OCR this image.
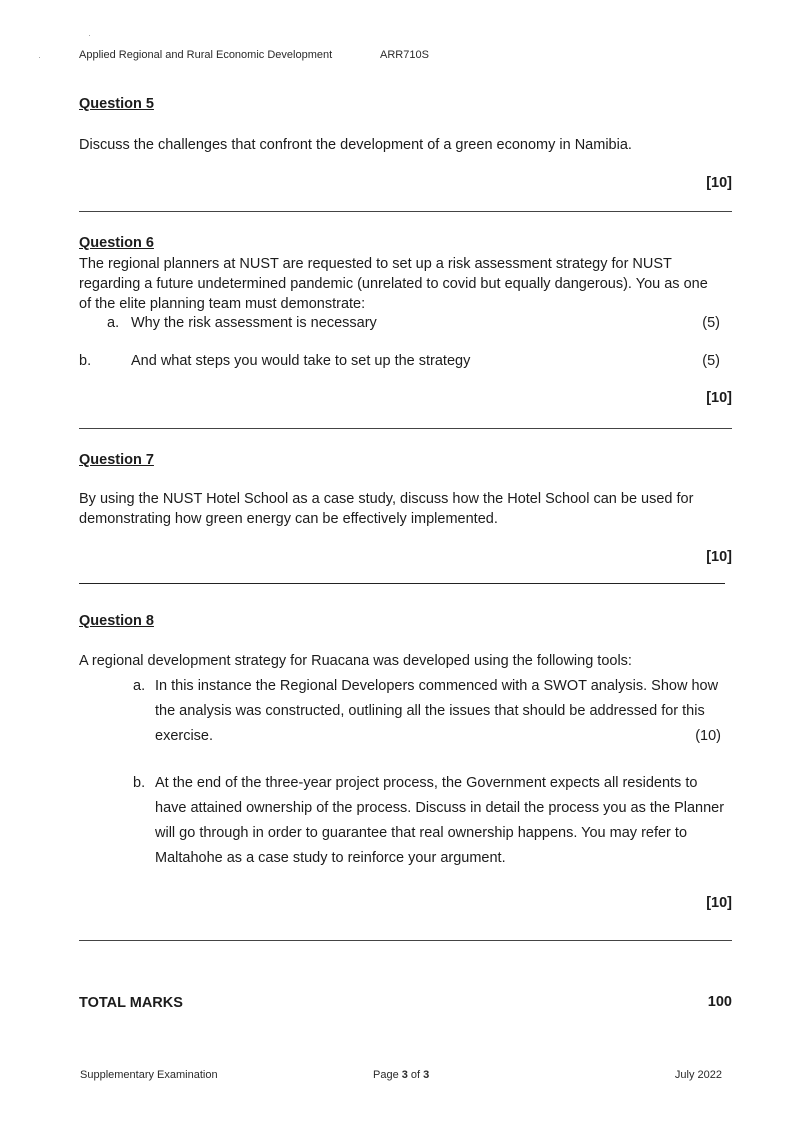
·
·
Applied Regional and Rural Economic Development	ARR710S
Question 5
Discuss the challenges that confront the development of a green economy in Namibia.
[10]
Question 6
The regional planners at NUST are requested to set up a risk assessment strategy for NUST
regarding a future undetermined pandemic (unrelated to covid but equally dangerous). You as one
of the elite planning team must demonstrate:
a. Why the risk assessment is necessary	(5)
b.	And what steps you would take to set up the strategy	(5)
[10]
Question 7
By using the NUST Hotel School as a case study, discuss how the Hotel School can be used for
demonstrating how green energy can be effectively implemented.
[10]
Question 8
A regional development strategy for Ruacana was developed using the following tools:
a. In this instance the Regional Developers commenced with a SWOT analysis. Show how
the analysis was constructed, outlining all the issues that should be addressed for this
exercise.	(10)
b. At the end of the three-year project process, the Government expects all residents to
have attained ownership of the process. Discuss in detail the process you as the Planner
will go through in order to guarantee that real ownership happens. You may refer to
Maltahohe as a case study to reinforce your argument.
[10]
TOTAL MARKS	100
Supplementary Examination	Page 3 of 3	July 2022
